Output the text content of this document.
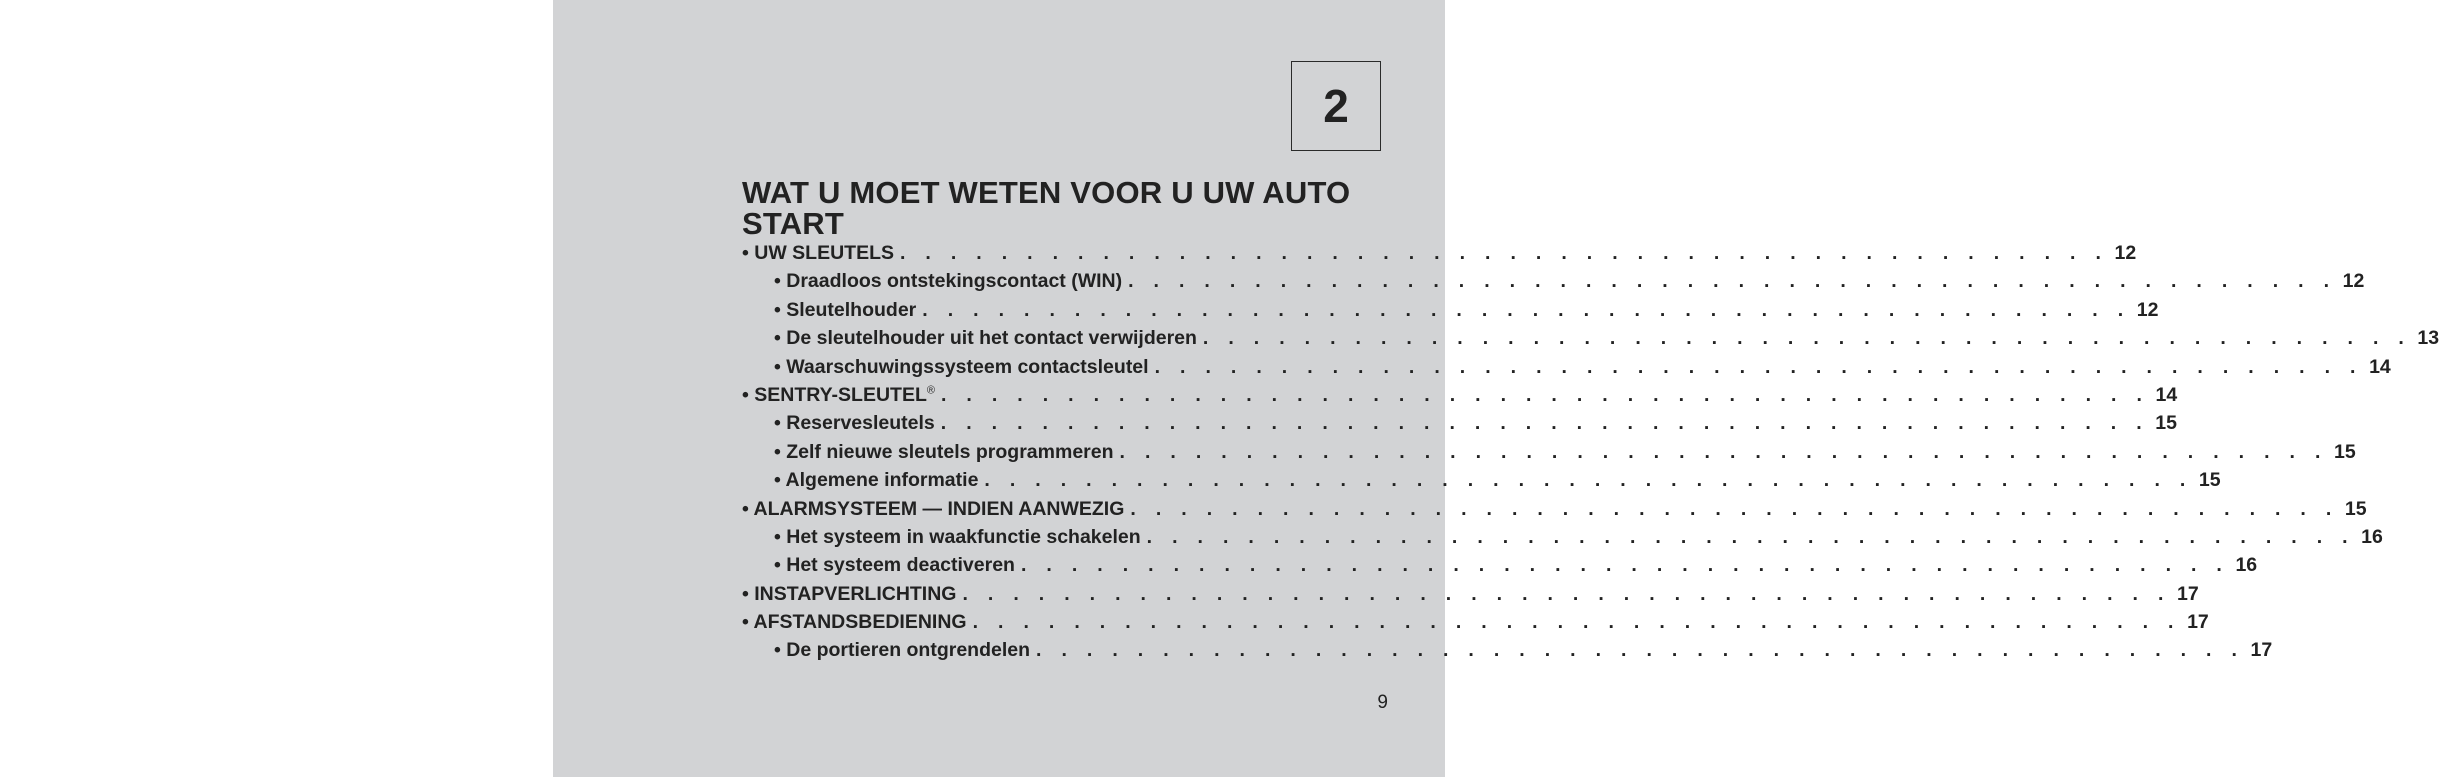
2
WAT U MOET WETEN VOOR U UW AUTO START
• UW SLEUTELS . . . . . . . . . . . . . . . . . . . . . . . . . . . . . . . . . . . . . . . . . . . . . . . . 12
• Draadloos ontstekingscontact (WIN) . . . . . . . . . . . . . . . . . . . . . . . . . . . . . . . . . . . . . . . . . . . . . . . . 12
• Sleutelhouder . . . . . . . . . . . . . . . . . . . . . . . . . . . . . . . . . . . . . . . . . . . . . . . . 12
• De sleutelhouder uit het contact verwijderen . . . . . . . . . . . . . . . . . . . . . . . . . . . . . . . . . . . . . . . . . . . . . . . . 13
• Waarschuwingssysteem contactsleutel . . . . . . . . . . . . . . . . . . . . . . . . . . . . . . . . . . . . . . . . . . . . . . . . 14
• SENTRY-SLEUTEL® . . . . . . . . . . . . . . . . . . . . . . . . . . . . . . . . . . . . . . . . . . . . . . . . 14
• Reservesleutels . . . . . . . . . . . . . . . . . . . . . . . . . . . . . . . . . . . . . . . . . . . . . . . . 15
• Zelf nieuwe sleutels programmeren . . . . . . . . . . . . . . . . . . . . . . . . . . . . . . . . . . . . . . . . . . . . . . . . 15
• Algemene informatie . . . . . . . . . . . . . . . . . . . . . . . . . . . . . . . . . . . . . . . . . . . . . . . . 15
• ALARMSYSTEEM — INDIEN AANWEZIG . . . . . . . . . . . . . . . . . . . . . . . . . . . . . . . . . . . . . . . . . . . . . . . . 15
• Het systeem in waakfunctie schakelen . . . . . . . . . . . . . . . . . . . . . . . . . . . . . . . . . . . . . . . . . . . . . . . . 16
• Het systeem deactiveren . . . . . . . . . . . . . . . . . . . . . . . . . . . . . . . . . . . . . . . . . . . . . . . . 16
• INSTAPVERLICHTING . . . . . . . . . . . . . . . . . . . . . . . . . . . . . . . . . . . . . . . . . . . . . . . . 17
• AFSTANDSBEDIENING . . . . . . . . . . . . . . . . . . . . . . . . . . . . . . . . . . . . . . . . . . . . . . . . 17
• De portieren ontgrendelen . . . . . . . . . . . . . . . . . . . . . . . . . . . . . . . . . . . . . . . . . . . . . . . . 17
9
